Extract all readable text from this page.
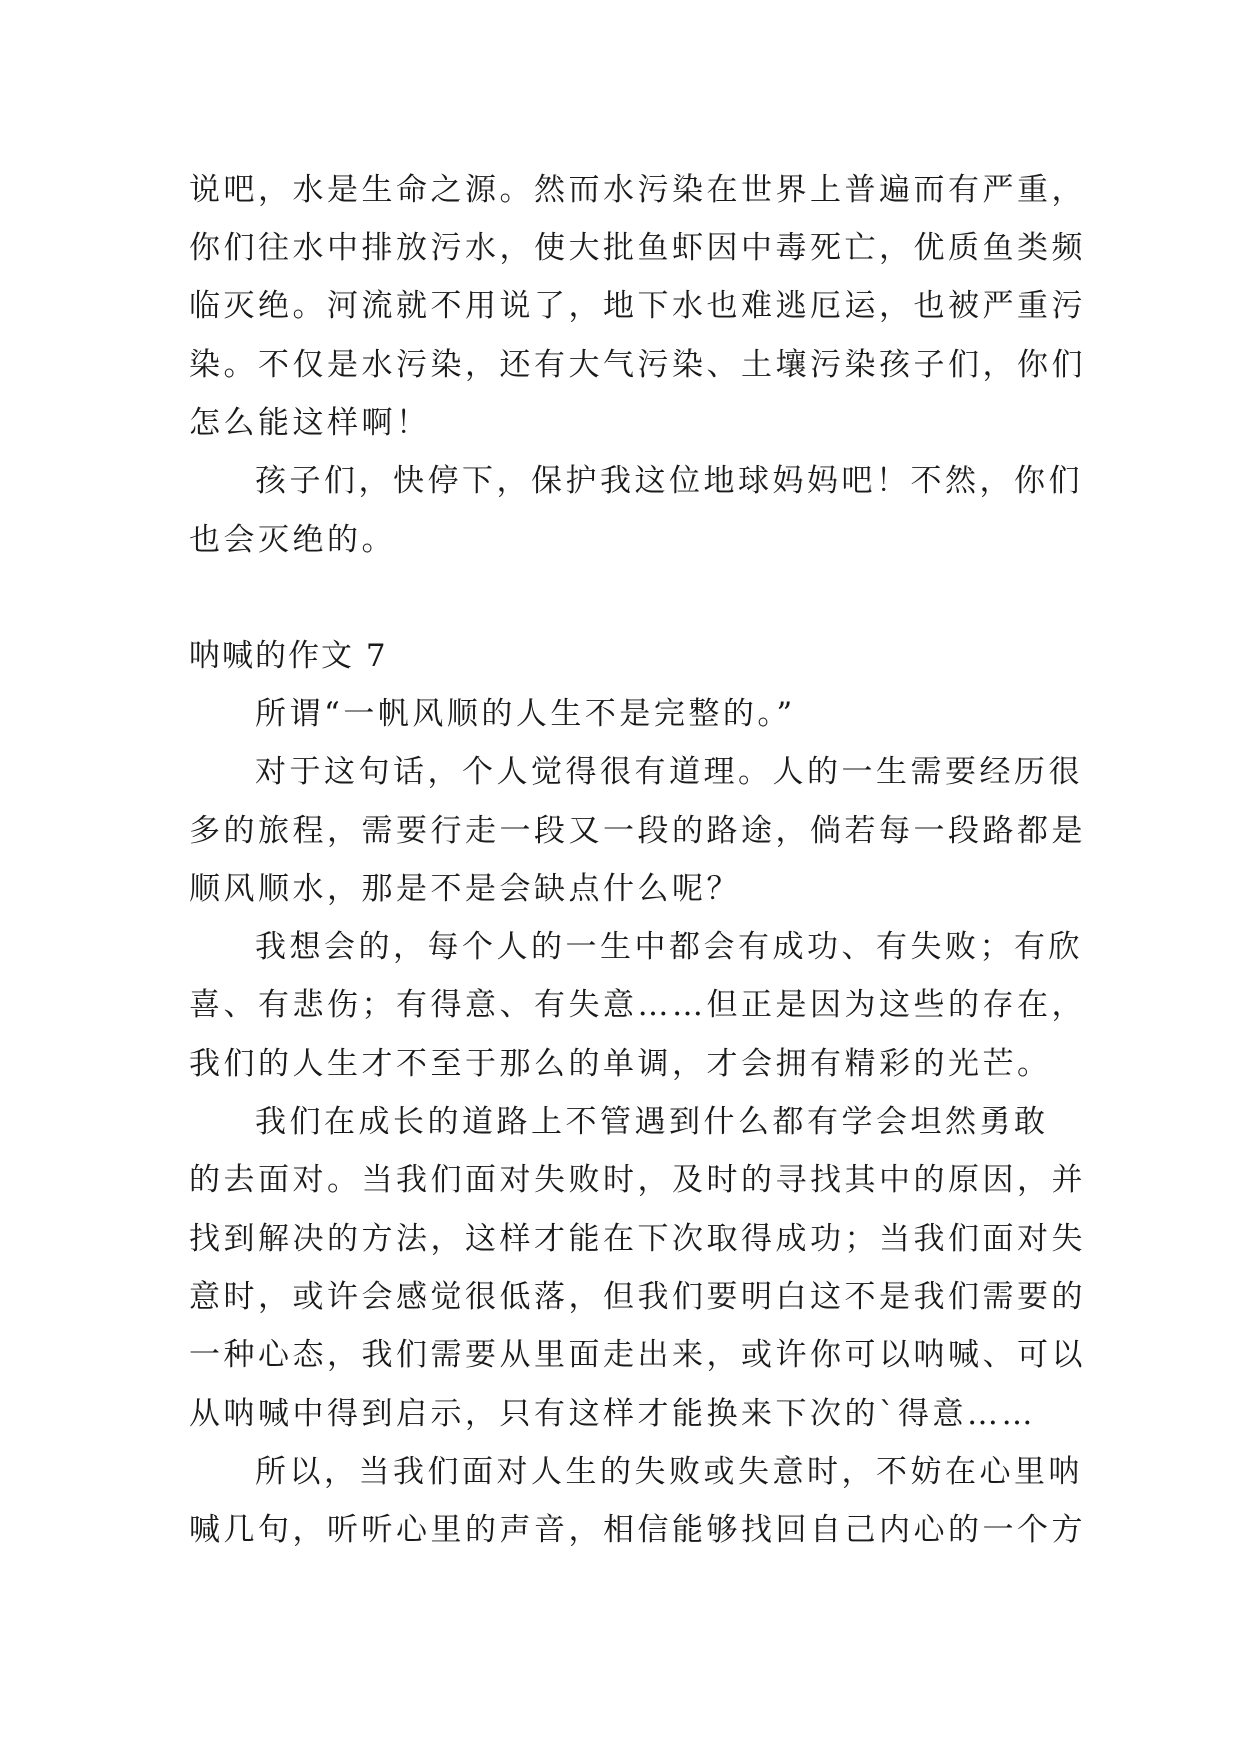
说吧，水是生命之源。然而水污染在世界上普遍而有严重，

你们往水中排放污水，使大批鱼虾因中毒死亡，优质鱼类频

临灭绝。河流就不用说了，地下水也难逃厄运，也被严重污

染。不仅是水污染，还有大气污染、土壤污染孩子们，你们

怎么能这样啊！

孩子们，快停下，保护我这位地球妈妈吧！不然，你们

也会灭绝的。

呐喊的作文 7

所谓“一帆风顺的人生不是完整的。”

对于这句话，个人觉得很有道理。人的一生需要经历很

多的旅程，需要行走一段又一段的路途，倘若每一段路都是

顺风顺水，那是不是会缺点什么呢？

我想会的，每个人的一生中都会有成功、有失败；有欣

喜、有悲伤；有得意、有失意……但正是因为这些的存在，

我们的人生才不至于那么的单调，才会拥有精彩的光芒。

我们在成长的道路上不管遇到什么都有学会坦然勇敢

的去面对。当我们面对失败时，及时的寻找其中的原因，并

找到解决的方法，这样才能在下次取得成功；当我们面对失

意时，或许会感觉很低落，但我们要明白这不是我们需要的

一种心态，我们需要从里面走出来，或许你可以呐喊、可以

从呐喊中得到启示，只有这样才能换来下次的`得意……

所以，当我们面对人生的失败或失意时，不妨在心里呐

喊几句，听听心里的声音，相信能够找回自己内心的一个方
